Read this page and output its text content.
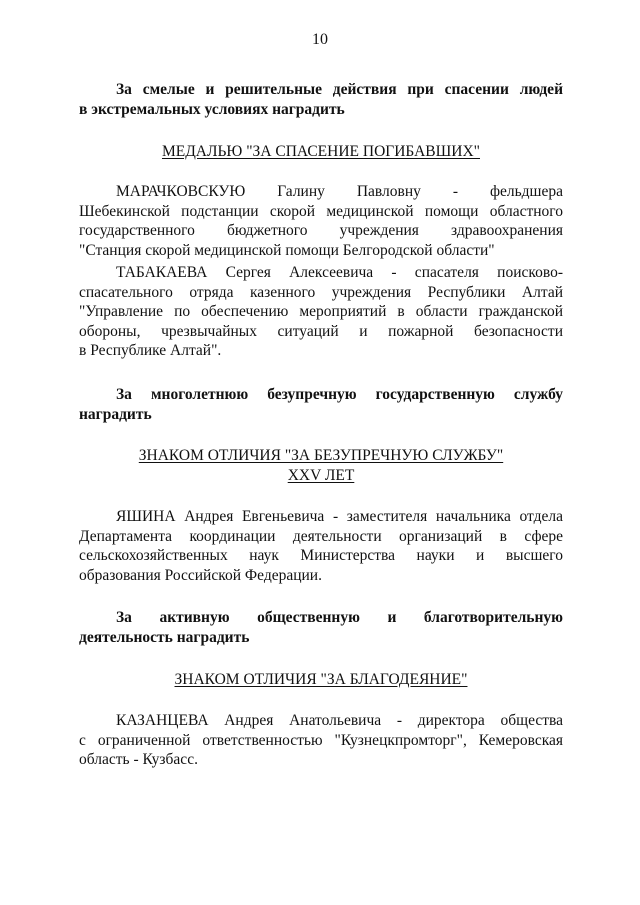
10
За смелые и решительные действия при спасении людей
в экстремальных условиях наградить
МЕДАЛЬЮ "ЗА СПАСЕНИЕ ПОГИБАВШИХ"
МАРАЧКОВСКУЮ Галину Павловну - фельдшера
Шебекинской подстанции скорой медицинской помощи областного
государственного бюджетного учреждения здравоохранения
"Станция скорой медицинской помощи Белгородской области"
ТАБАКАЕВА Сергея Алексеевича - спасателя поисково-
спасательного отряда казенного учреждения Республики Алтай
"Управление по обеспечению мероприятий в области гражданской
обороны, чрезвычайных ситуаций и пожарной безопасности
в Республике Алтай".
За многолетнюю безупречную государственную службу
наградить
ЗНАКОМ ОТЛИЧИЯ "ЗА БЕЗУПРЕЧНУЮ СЛУЖБУ"
XXV ЛЕТ
ЯШИНА Андрея Евгеньевича - заместителя начальника отдела
Департамента координации деятельности организаций в сфере
сельскохозяйственных наук Министерства науки и высшего
образования Российской Федерации.
За активную общественную и благотворительную
деятельность наградить
ЗНАКОМ ОТЛИЧИЯ "ЗА БЛАГОДЕЯНИЕ"
КАЗАНЦЕВА Андрея Анатольевича - директора общества
с ограниченной ответственностью "Кузнецкпромторг", Кемеровская
область - Кузбасс.
